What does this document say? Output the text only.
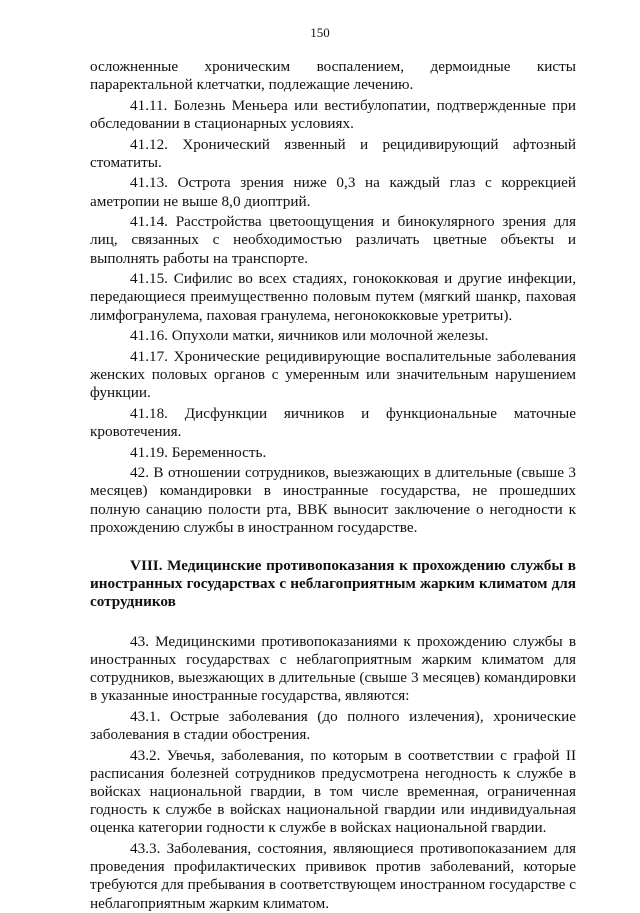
150

осложненные хроническим воспалением, дермоидные кисты параректальной клетчатки, подлежащие лечению.

41.11. Болезнь Меньера или вестибулопатии, подтвержденные при обследовании в стационарных условиях.

41.12. Хронический язвенный и рецидивирующий афтозный стоматиты.

41.13. Острота зрения ниже 0,3 на каждый глаз с коррекцией аметропии не выше 8,0 диоптрий.

41.14. Расстройства цветоощущения и бинокулярного зрения для лиц, связанных с необходимостью различать цветные объекты и выполнять работы на транспорте.

41.15. Сифилис во всех стадиях, гонококковая и другие инфекции, передающиеся преимущественно половым путем (мягкий шанкр, паховая лимфогранулема, паховая гранулема, негонококковые уретриты).

41.16. Опухоли матки, яичников или молочной железы.

41.17. Хронические рецидивирующие воспалительные заболевания женских половых органов с умеренным или значительным нарушением функции.

41.18. Дисфункции яичников и функциональные маточные кровотечения.

41.19. Беременность.

42. В отношении сотрудников, выезжающих в длительные (свыше 3 месяцев) командировки в иностранные государства, не прошедших полную санацию полости рта, ВВК выносит заключение о негодности к прохождению службы в иностранном государстве.

VIII. Медицинские противопоказания к прохождению службы в иностранных государствах с неблагоприятным жарким климатом для сотрудников

43. Медицинскими противопоказаниями к прохождению службы в иностранных государствах с неблагоприятным жарким климатом для сотрудников, выезжающих в длительные (свыше 3 месяцев) командировки в указанные иностранные государства, являются:

43.1. Острые заболевания (до полного излечения), хронические заболевания в стадии обострения.

43.2. Увечья, заболевания, по которым в соответствии с графой II расписания болезней сотрудников предусмотрена негодность к службе в войсках национальной гвардии, в том числе временная, ограниченная годность к службе в войсках национальной гвардии или индивидуальная оценка категории годности к службе в войсках национальной гвардии.

43.3. Заболевания, состояния, являющиеся противопоказанием для проведения профилактических прививок против заболеваний, которые требуются для пребывания в соответствующем иностранном государстве с неблагоприятным жарким климатом.
